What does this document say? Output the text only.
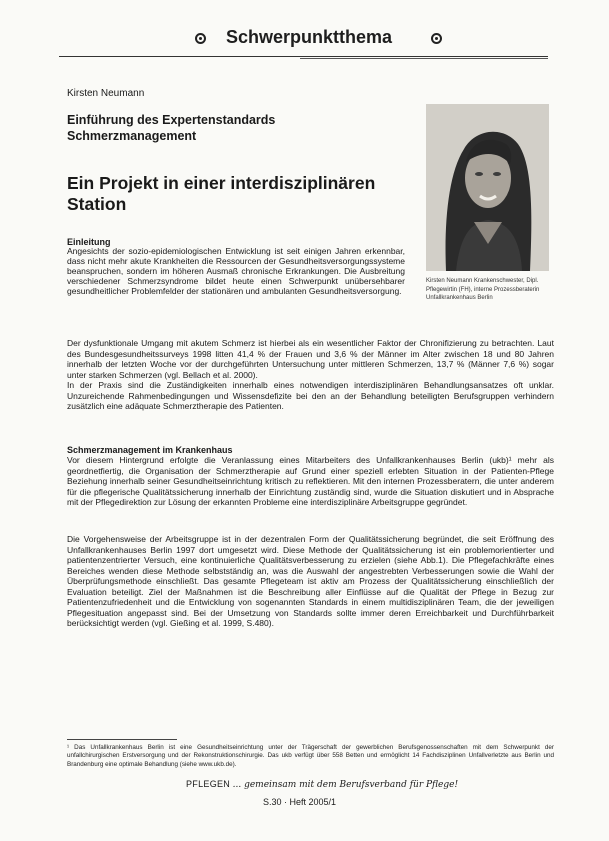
Schwerpunktthema
Kirsten Neumann
Einführung des Expertenstandards Schmerzmanagement
Ein Projekt in einer interdisziplinären Station
Kirsten Neumann Krankenschwester, Dipl. Pflegewirtin (FH), interne Prozessberaterin Unfallkrankenhaus Berlin
Einleitung
Angesichts der sozio-epidemiologischen Entwicklung ist seit einigen Jahren erkennbar, dass nicht mehr akute Krankheiten die Ressourcen der Gesundheitsversorgungssysteme beanspruchen, sondern im höheren Ausmaß chronische Erkrankungen. Die Ausbreitung verschiedener Schmerzsyndrome bildet heute einen Schwerpunkt unübersehbarer gesundheitlicher Problemfelder der stationären und ambulanten Gesundheitsversorgung.

Der dysfunktionale Umgang mit akutem Schmerz ist hierbei als ein wesentlicher Faktor der Chronifizierung zu betrachten. Laut des Bundesgesundheitssurveys 1998 litten 41,4 % der Frauen und 3,6 % der Männer im Alter zwischen 18 und 80 Jahren innerhalb der letzten Woche vor der durchgeführten Untersuchung unter mittleren Schmerzen, 13,7 % (Männer 7,6 %) sogar unter starken Schmerzen (vgl. Bellach et al. 2000).

In der Praxis sind die Zuständigkeiten innerhalb eines notwendigen interdisziplinären Behandlungsansatzes oft unklar. Unzureichende Rahmenbedingungen und Wissensdefizite bei den an der Behandlung beteiligten Berufsgruppen verhindern zusätzlich eine adäquate Schmerztherapie des Patienten.

Schmerzmanagement im Krankenhaus
Vor diesem Hintergrund erfolgte die Veranlassung eines Mitarbeiters des Unfallkrankenhauses Berlin (ukb)¹ mehr als geordnetfiertig, die Organisation der Schmerztherapie auf Grund einer speziell erlebten Situation in der Patienten-Pflege Beziehung innerhalb seiner Gesundheitseinrichtung kritisch zu reflektieren. Mit den internen Prozessberatern, die unter anderem für die pflegerische Qualitätssicherung innerhalb der Einrichtung zuständig sind, wurde die Situation diskutiert und in Absprache mit der Pflegedirektion zur Lösung der erkannten Probleme eine interdisziplinäre Arbeitsgruppe gegründet.
Die Vorgehensweise der Arbeitsgruppe ist in der dezentralen Form der Qualitätssicherung begründet, die seit Eröffnung des Unfallkrankenhauses Berlin 1997 dort umgesetzt wird. Diese Methode der Qualitätssicherung ist ein problemorientierter und patientenzentrierter Versuch, eine kontinuierliche Qualitätsverbesserung zu erzielen (siehe Abb.1). Die Pflegefachkräfte eines Bereiches wenden diese Methode selbstständig an, was die Auswahl der angestrebten Verbesserungen sowie die Wahl der Überprüfungsmethode einschließt. Das gesamte Pflegeteam ist aktiv am Prozess der Qualitätssicherung einschließlich der Evaluation beteiligt. Ziel der Maßnahmen ist die Beschreibung aller Einflüsse auf die Qualität der Pflege in Bezug zur Patientenzufriedenheit und die Entwicklung von sogenannten Standards in einem multidisziplinären Team, die der jeweiligen Pflegesituation angepasst sind. Bei der Umsetzung von Standards sollte immer deren Erreichbarkeit und Durchführbarkeit berücksichtigt werden (vgl. Gießing et al. 1999, S.480).
¹ Das Unfallkrankenhaus Berlin ist eine Gesundheitseinrichtung unter der Trägerschaft der gewerblichen Berufsgenossenschaften mit dem Schwerpunkt der unfallchirurgischen Erstversorgung und der Rekonstruktionschirurgie. Das ukb verfügt über 558 Betten und ermöglicht 14 Fachdisziplinen Unfallverletzte aus Berlin und Brandenburg eine optimale Behandlung (siehe www.ukb.de).
PFLEGEN ... gemeinsam mit dem Berufsverband für Pflege!
S.30 · Heft 2005/1
